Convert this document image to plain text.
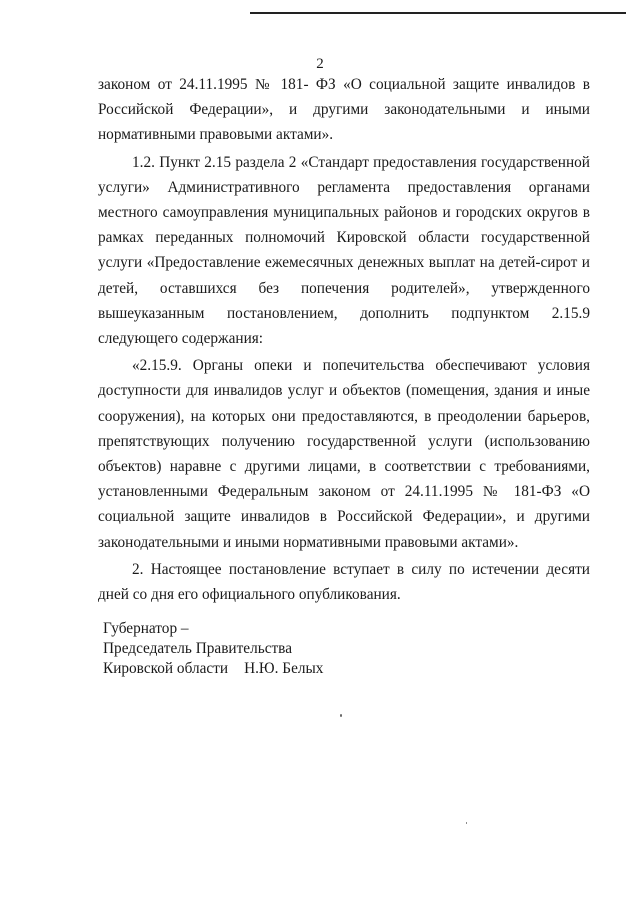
2

законом от 24.11.1995 № 181- ФЗ «О социальной защите инвалидов в Российской Федерации», и другими законодательными и иными нормативными правовыми актами».

1.2. Пункт 2.15 раздела 2 «Стандарт предоставления государственной услуги» Административного регламента предоставления органами местного самоуправления муниципальных районов и городских округов в рамках переданных полномочий Кировской области государственной услуги «Предоставление ежемесячных денежных выплат на детей-сирот и детей, оставшихся без попечения родителей», утвержденного вышеуказанным постановлением, дополнить подпунктом 2.15.9 следующего содержания:

«2.15.9. Органы опеки и попечительства обеспечивают условия доступности для инвалидов услуг и объектов (помещения, здания и иные сооружения), на которых они предоставляются, в преодолении барьеров, препятствующих получению государственной услуги (использованию объектов) наравне с другими лицами, в соответствии с требованиями, установленными Федеральным законом от 24.11.1995 № 181-ФЗ «О социальной защите инвалидов в Российской Федерации», и другими законодательными и иными нормативными правовыми актами».

2. Настоящее постановление вступает в силу по истечении десяти дней со дня его официального опубликования.

Губернатор –
Председатель Правительства
Кировской области Н.Ю. Белых
